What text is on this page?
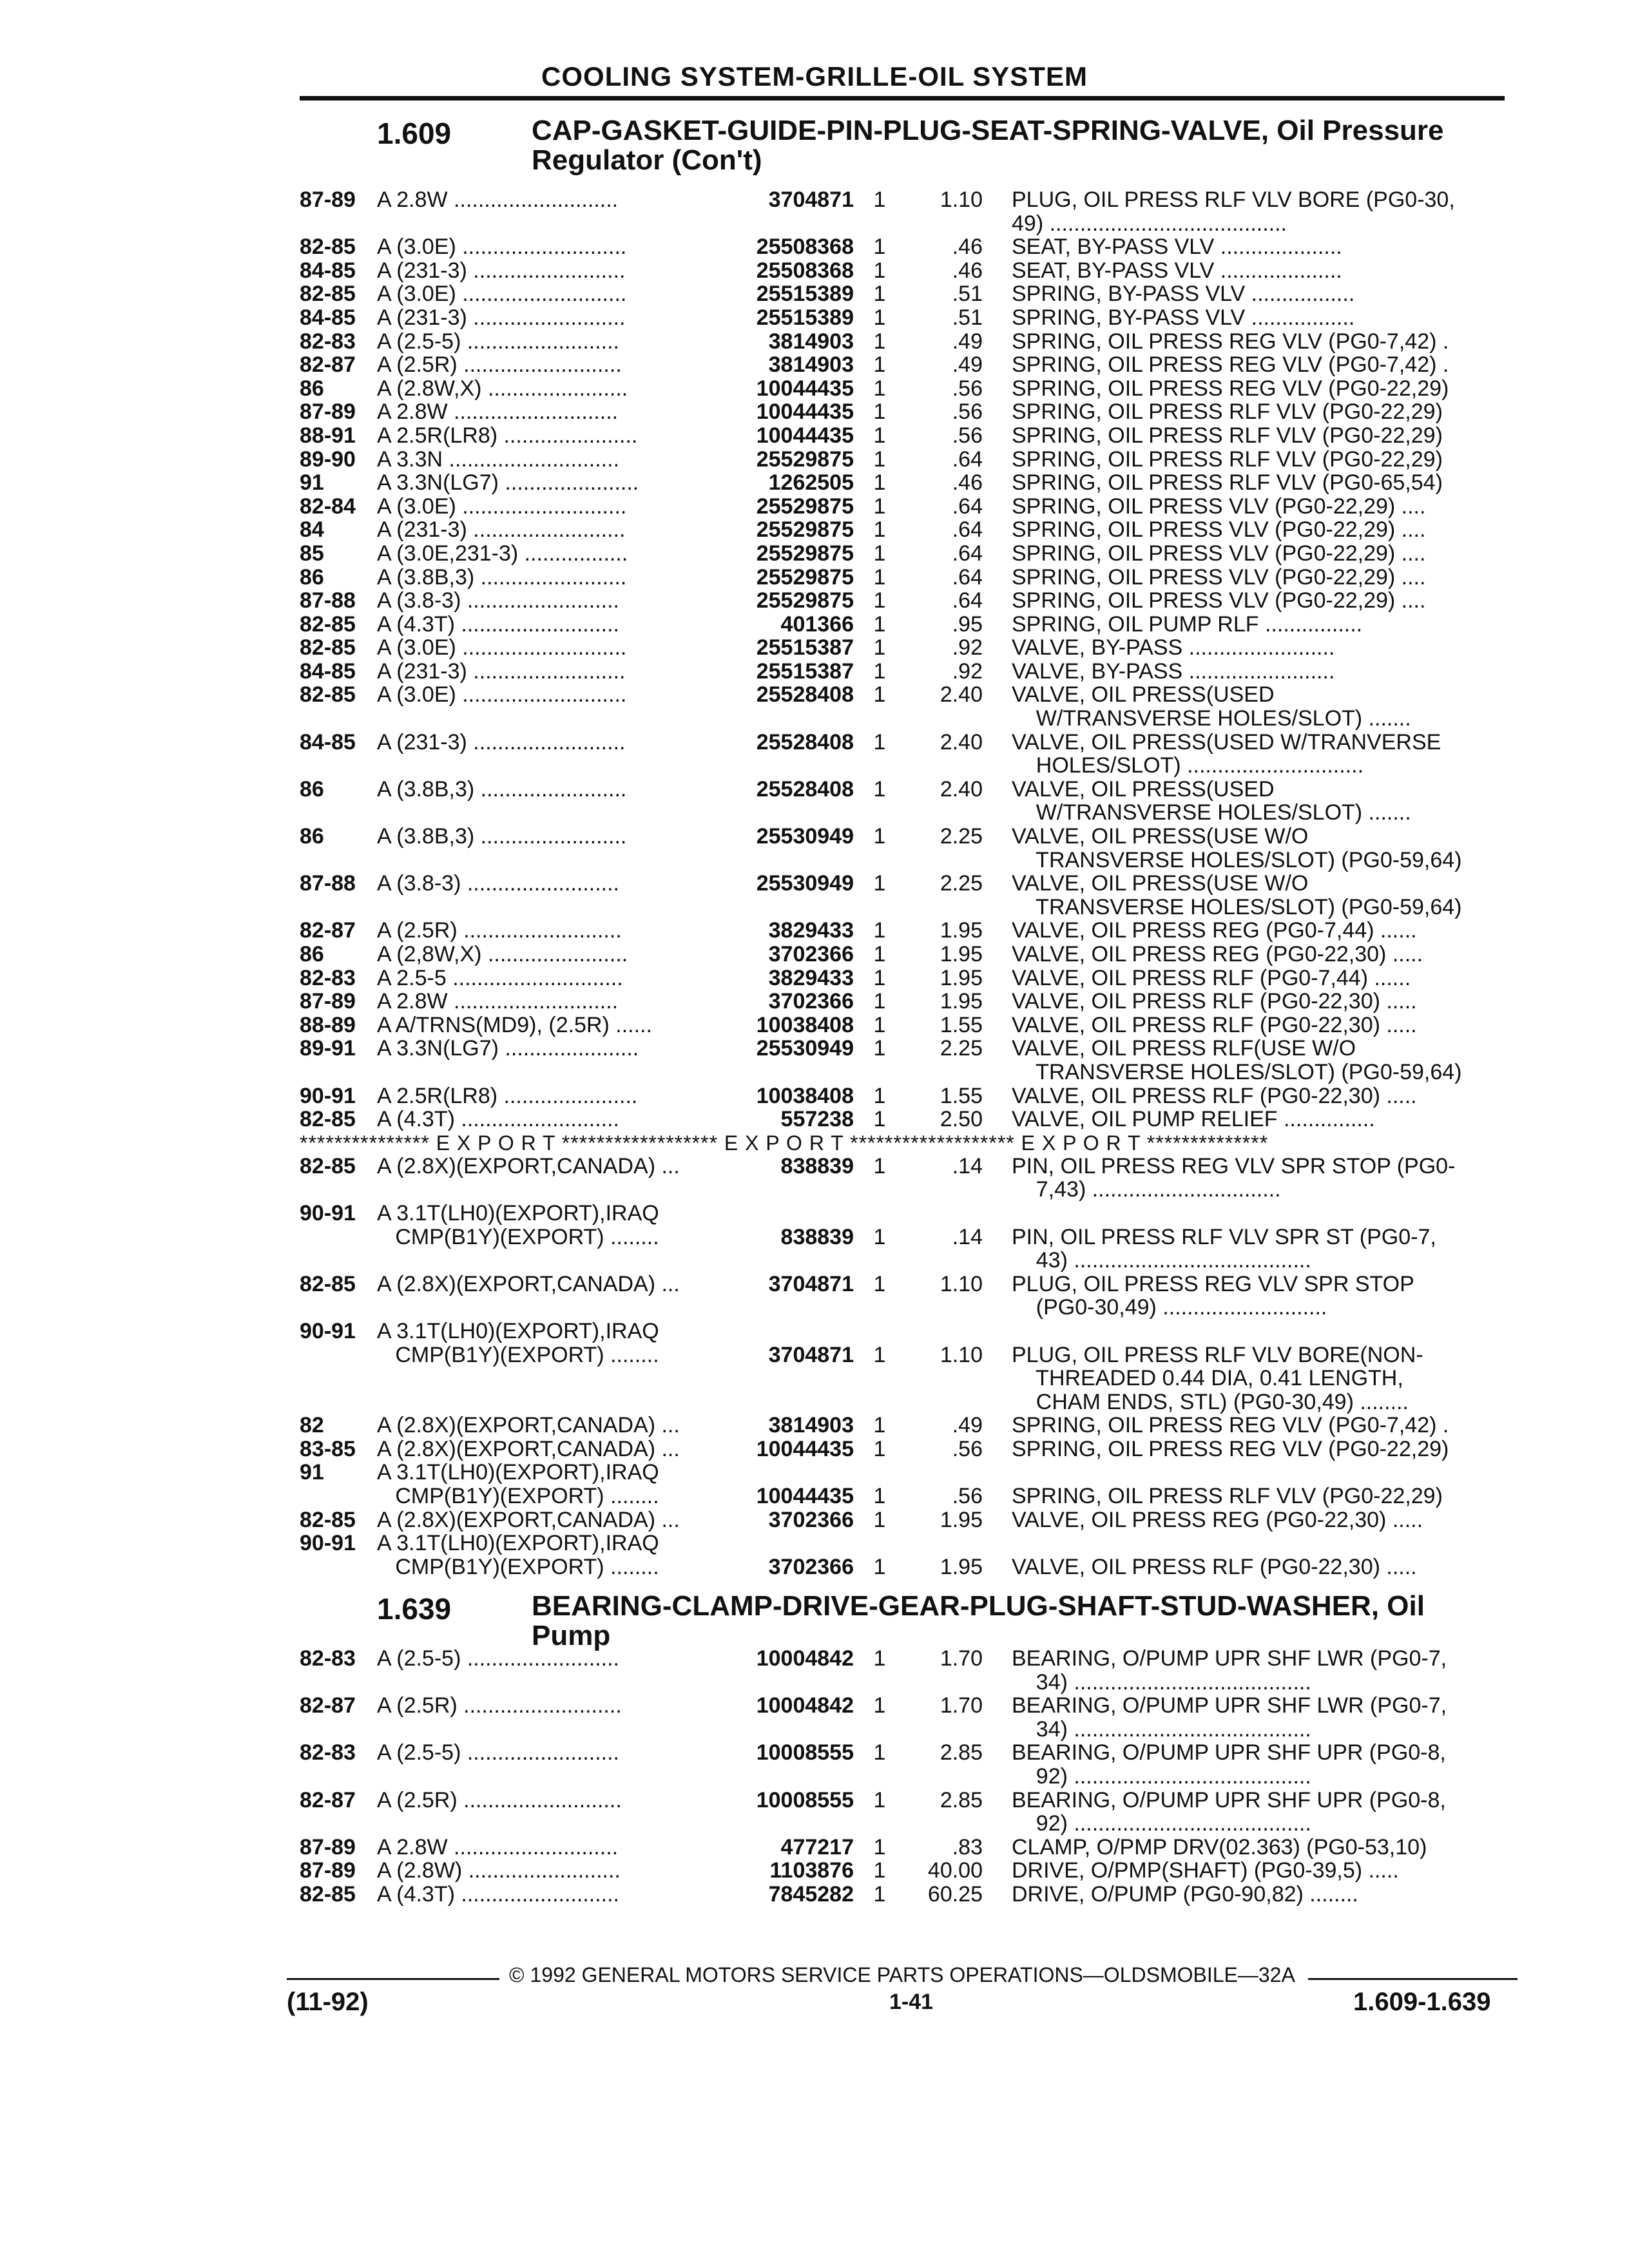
COOLING SYSTEM-GRILLE-OIL SYSTEM
1.609	CAP-GASKET-GUIDE-PIN-PLUG-SEAT-SPRING-VALVE, Oil Pressure Regulator (Con't)
87-89 A 2.8W ...........................	3704871 1	1.10 PLUG, OIL PRESS RLF VLV BORE (PG0-30,
49) .......................................
82-85 A (3.0E) ...........................	25508368 1	.46 SEAT, BY-PASS VLV ....................
84-85 A (231-3) .........................	25508368 1	.46 SEAT, BY-PASS VLV ....................
82-85 A (3.0E) ...........................	25515389 1	.51 SPRING, BY-PASS VLV .................
84-85 A (231-3) .........................	25515389 1	.51 SPRING, BY-PASS VLV .................
82-83 A (2.5-5) .........................	3814903 1	.49 SPRING, OIL PRESS REG VLV (PG0-7,42) .
82-87 A (2.5R) ..........................	3814903 1	.49 SPRING, OIL PRESS REG VLV (PG0-7,42) .
86	A (2.8W,X) .......................	10044435 1	.56 SPRING, OIL PRESS REG VLV (PG0-22,29)
87-89 A 2.8W ...........................	10044435 1	.56 SPRING, OIL PRESS RLF VLV (PG0-22,29)
88-91 A 2.5R(LR8) ......................	10044435 1	.56 SPRING, OIL PRESS RLF VLV (PG0-22,29)
89-90 A 3.3N ............................	25529875 1	.64 SPRING, OIL PRESS RLF VLV (PG0-22,29)
91	A 3.3N(LG7) ......................	1262505 1	.46 SPRING, OIL PRESS RLF VLV (PG0-65,54)
82-84 A (3.0E) ...........................	25529875 1	.64 SPRING, OIL PRESS VLV (PG0-22,29) ....
84	A (231-3) .........................	25529875 1	.64 SPRING, OIL PRESS VLV (PG0-22,29) ....
85	A (3.0E,231-3) .................	25529875 1	.64 SPRING, OIL PRESS VLV (PG0-22,29) ....
86	A (3.8B,3) ........................	25529875 1	.64 SPRING, OIL PRESS VLV (PG0-22,29) ....
87-88 A (3.8-3) .........................	25529875 1	.64 SPRING, OIL PRESS VLV (PG0-22,29) ....
82-85 A (4.3T) ..........................	401366 1	.95 SPRING, OIL PUMP RLF ................
82-85 A (3.0E) ...........................	25515387 1	.92 VALVE, BY-PASS ........................
84-85 A (231-3) .........................	25515387 1	.92 VALVE, BY-PASS ........................
82-85 A (3.0E) ...........................	25528408 1	2.40 VALVE, OIL PRESS(USED
W/TRANSVERSE HOLES/SLOT) .......
84-85 A (231-3) .........................	25528408 1	2.40 VALVE, OIL PRESS(USED W/TRANVERSE
HOLES/SLOT) .............................
86	A (3.8B,3) ........................	25528408 1	2.40 VALVE, OIL PRESS(USED
W/TRANSVERSE HOLES/SLOT) .......
86	A (3.8B,3) ........................	25530949 1	2.25 VALVE, OIL PRESS(USE W/O
TRANSVERSE HOLES/SLOT) (PG0-59,64)
87-88 A (3.8-3) .........................	25530949 1	2.25 VALVE, OIL PRESS(USE W/O
TRANSVERSE HOLES/SLOT) (PG0-59,64)
82-87 A (2.5R) ..........................	3829433 1	1.95 VALVE, OIL PRESS REG (PG0-7,44) ......
86	A (2,8W,X) .......................	3702366 1	1.95 VALVE, OIL PRESS REG (PG0-22,30) .....
82-83 A 2.5-5 ............................	3829433 1	1.95 VALVE, OIL PRESS RLF (PG0-7,44) ......
87-89 A 2.8W ...........................	3702366 1	1.95 VALVE, OIL PRESS RLF (PG0-22,30) .....
88-89 A A/TRNS(MD9), (2.5R) ......	10038408 1	1.55 VALVE, OIL PRESS RLF (PG0-22,30) .....
89-91 A 3.3N(LG7) ......................	25530949 1	2.25 VALVE, OIL PRESS RLF(USE W/O
TRANSVERSE HOLES/SLOT) (PG0-59,64)
90-91 A 2.5R(LR8) ......................	10038408 1	1.55 VALVE, OIL PRESS RLF (PG0-22,30) .....
82-85 A (4.3T) ..........................	557238 1	2.50 VALVE, OIL PUMP RELIEF ...............
*************** E X P O R T ****************** E X P O R T ******************* E X P O R T **************
82-85 A (2.8X)(EXPORT,CANADA) ...	838839 1	.14 PIN, OIL PRESS REG VLV SPR STOP (PG0-
7,43) ...............................
90-91 A 3.1T(LH0)(EXPORT),IRAQ
CMP(B1Y)(EXPORT) ........	838839 1	.14 PIN, OIL PRESS RLF VLV SPR ST (PG0-7,
43) .......................................
82-85 A (2.8X)(EXPORT,CANADA) ...	3704871 1	1.10 PLUG, OIL PRESS REG VLV SPR STOP
(PG0-30,49) ...........................
90-91 A 3.1T(LH0)(EXPORT),IRAQ
CMP(B1Y)(EXPORT) ........	3704871 1	1.10 PLUG, OIL PRESS RLF VLV BORE(NON-
THREADED 0.44 DIA, 0.41 LENGTH,
CHAM ENDS, STL) (PG0-30,49) ........
82	A (2.8X)(EXPORT,CANADA) ...	3814903 1	.49 SPRING, OIL PRESS REG VLV (PG0-7,42) .
83-85 A (2.8X)(EXPORT,CANADA) ...	10044435 1	.56 SPRING, OIL PRESS REG VLV (PG0-22,29)
91	A 3.1T(LH0)(EXPORT),IRAQ
CMP(B1Y)(EXPORT) ........	10044435 1	.56 SPRING, OIL PRESS RLF VLV (PG0-22,29)
82-85 A (2.8X)(EXPORT,CANADA) ...	3702366 1	1.95 VALVE, OIL PRESS REG (PG0-22,30) .....
90-91 A 3.1T(LH0)(EXPORT),IRAQ
CMP(B1Y)(EXPORT) ........	3702366 1	1.95 VALVE, OIL PRESS RLF (PG0-22,30) .....
1.639	BEARING-CLAMP-DRIVE-GEAR-PLUG-SHAFT-STUD-WASHER, Oil Pump
82-83 A (2.5-5) .........................	10004842 1	1.70 BEARING, O/PUMP UPR SHF LWR (PG0-7,
34) .......................................
82-87 A (2.5R) ..........................	10004842 1	1.70 BEARING, O/PUMP UPR SHF LWR (PG0-7,
34) .......................................
82-83 A (2.5-5) .........................	10008555 1	2.85 BEARING, O/PUMP UPR SHF UPR (PG0-8,
92) .......................................
82-87 A (2.5R) ..........................	10008555 1	2.85 BEARING, O/PUMP UPR SHF UPR (PG0-8,
92) .......................................
87-89 A 2.8W ...........................	477217 1	.83 CLAMP, O/PMP DRV(02.363) (PG0-53,10)
87-89 A (2.8W) .........................	1103876 1	40.00 DRIVE, O/PMP(SHAFT) (PG0-39,5) .....
82-85 A (4.3T) ..........................	7845282 1	60.25 DRIVE, O/PUMP (PG0-90,82) ........
© 1992 GENERAL MOTORS SERVICE PARTS OPERATIONS—OLDSMOBILE—32A
(11-92)	1-41	1.609-1.639
